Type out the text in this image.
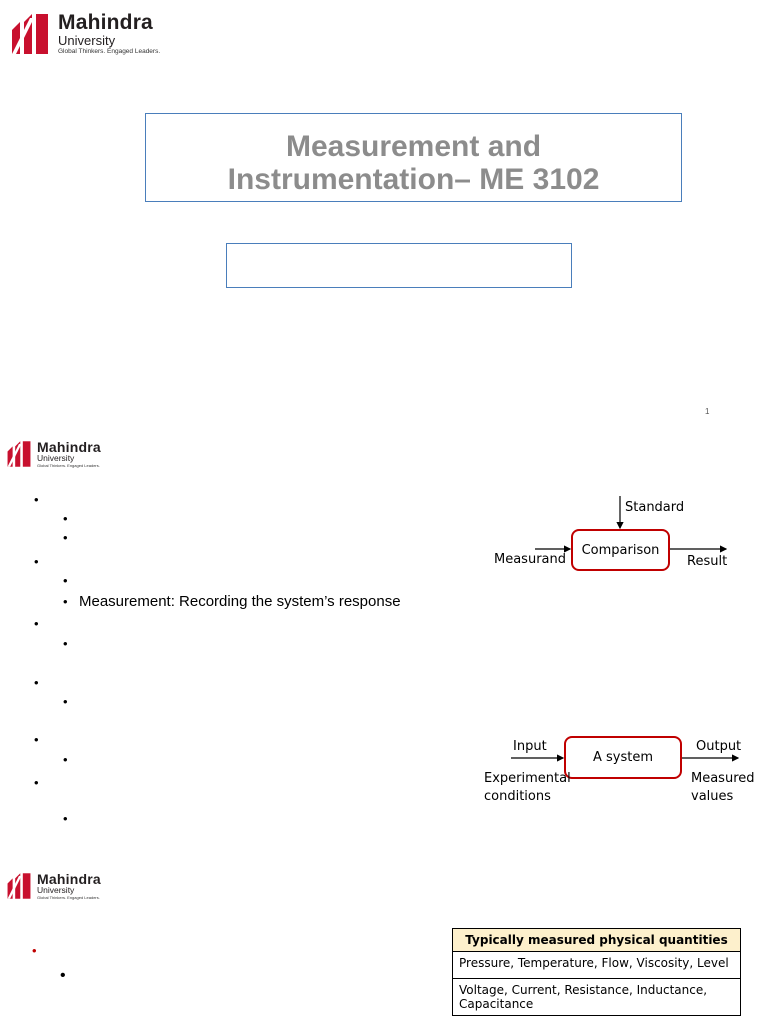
Mahindra
University
Global Thinkers. Engaged Leaders.
Measurement and
Instrumentation– ME 3102
1
Mahindra
University
Global Thinkers. Engaged Leaders.
•
•
•
•
•
• Measurement: Recording the system’s response
•
•
•
•
•
•
•
•
Standard
Measurand
Comparison
Result
Input
A system
Output
Experimental
conditions
Measured
values
Mahindra
University
Global Thinkers. Engaged Leaders.
•
•
Typically measured physical quantities
Pressure, Temperature, Flow, Viscosity, Level
Voltage, Current, Resistance, Inductance, Capacitance
